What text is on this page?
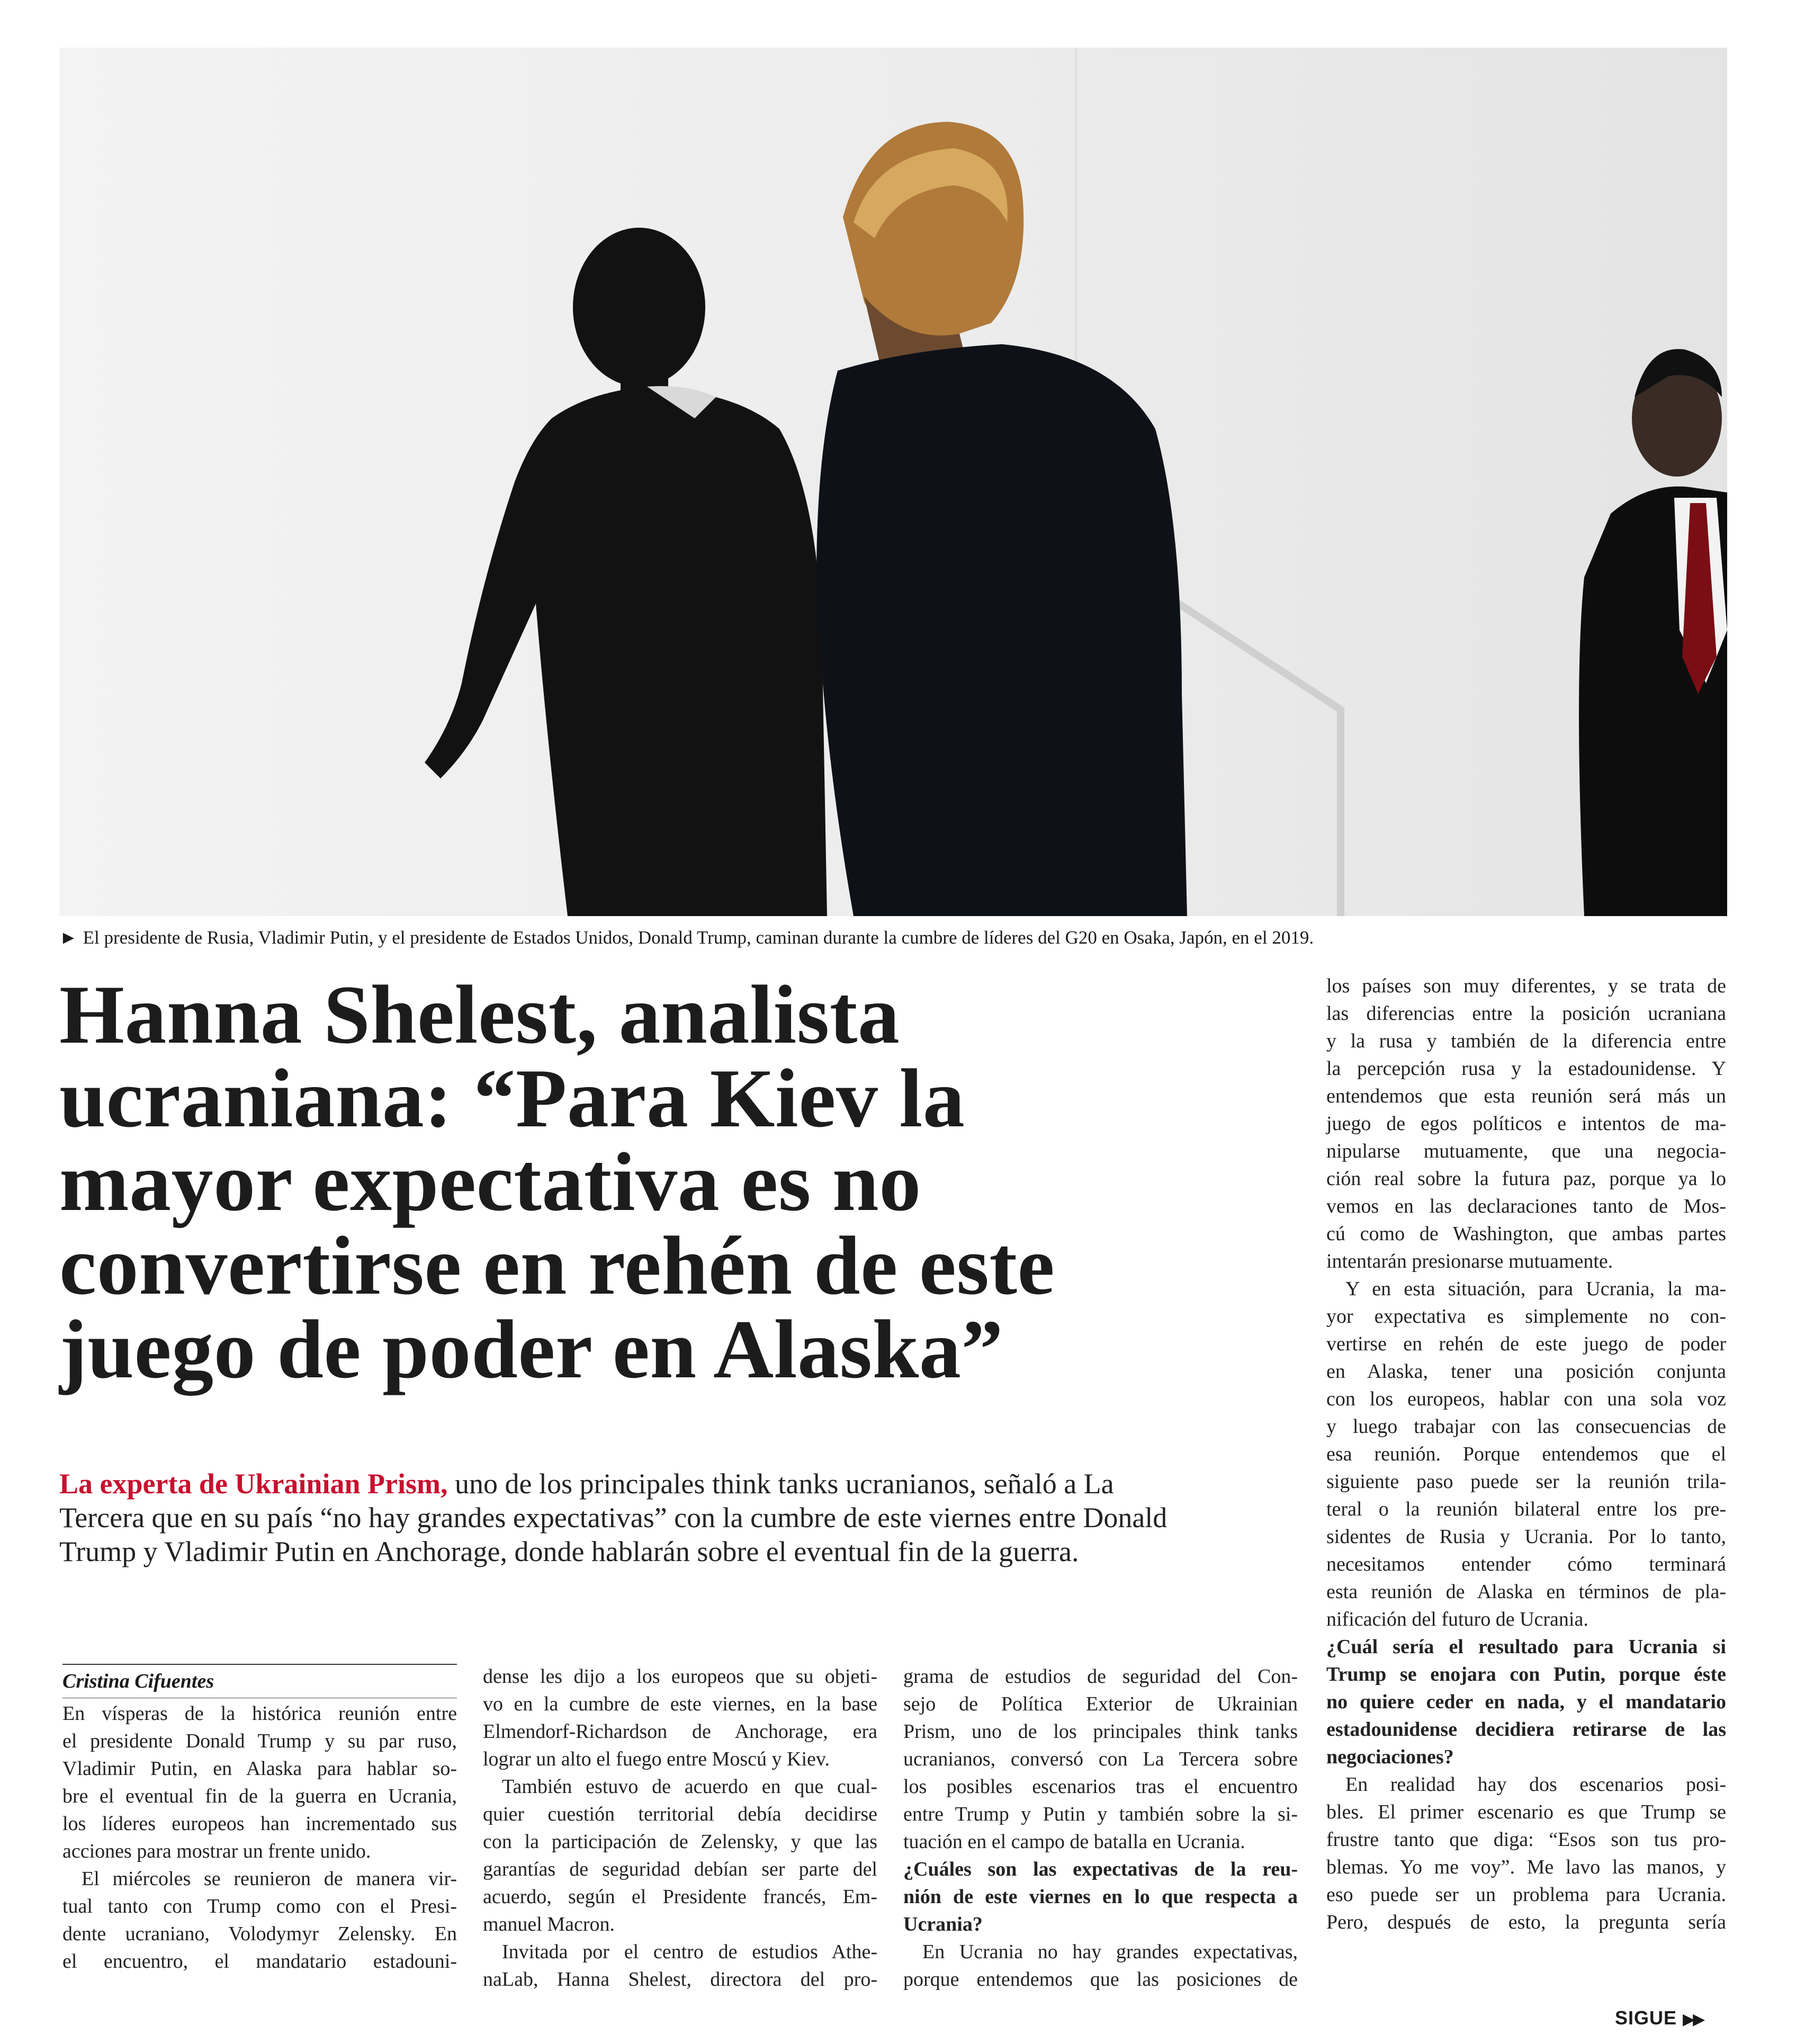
► El presidente de Rusia, Vladimir Putin, y el presidente de Estados Unidos, Donald Trump, caminan durante la cumbre de líderes del G20 en Osaka, Japón, en el 2019.
Hanna Shelest, analista
ucraniana: “Para Kiev la
mayor expectativa es no
convertirse en rehén de este
juego de poder en Alaska”
La experta de Ukrainian Prism, uno de los principales think tanks ucranianos, señaló a La
Tercera que en su país “no hay grandes expectativas” con la cumbre de este viernes entre Donald
Trump y Vladimir Putin en Anchorage, donde hablarán sobre el eventual fin de la guerra.
Cristina Cifuentes
En vísperas de la histórica reunión entre
el presidente Donald Trump y su par ruso,
Vladimir Putin, en Alaska para hablar so-
bre el eventual fin de la guerra en Ucrania,
los líderes europeos han incrementado sus
acciones para mostrar un frente unido.
El miércoles se reunieron de manera vir-
tual tanto con Trump como con el Presi-
dente ucraniano, Volodymyr Zelensky. En
el encuentro, el mandatario estadouni-
dense les dijo a los europeos que su objeti-
vo en la cumbre de este viernes, en la base
Elmendorf-Richardson de Anchorage, era
lograr un alto el fuego entre Moscú y Kiev.
También estuvo de acuerdo en que cual-
quier cuestión territorial debía decidirse
con la participación de Zelensky, y que las
garantías de seguridad debían ser parte del
acuerdo, según el Presidente francés, Em-
manuel Macron.
Invitada por el centro de estudios Athe-
naLab, Hanna Shelest, directora del pro-
grama de estudios de seguridad del Con-
sejo de Política Exterior de Ukrainian
Prism, uno de los principales think tanks
ucranianos, conversó con La Tercera sobre
los posibles escenarios tras el encuentro
entre Trump y Putin y también sobre la si-
tuación en el campo de batalla en Ucrania.
¿Cuáles son las expectativas de la reu-
nión de este viernes en lo que respecta a
Ucrania?
En Ucrania no hay grandes expectativas,
porque entendemos que las posiciones de
los países son muy diferentes, y se trata de
las diferencias entre la posición ucraniana
y la rusa y también de la diferencia entre
la percepción rusa y la estadounidense. Y
entendemos que esta reunión será más un
juego de egos políticos e intentos de ma-
nipularse mutuamente, que una negocia-
ción real sobre la futura paz, porque ya lo
vemos en las declaraciones tanto de Mos-
cú como de Washington, que ambas partes
intentarán presionarse mutuamente.
Y en esta situación, para Ucrania, la ma-
yor expectativa es simplemente no con-
vertirse en rehén de este juego de poder
en Alaska, tener una posición conjunta
con los europeos, hablar con una sola voz
y luego trabajar con las consecuencias de
esa reunión. Porque entendemos que el
siguiente paso puede ser la reunión trila-
teral o la reunión bilateral entre los pre-
sidentes de Rusia y Ucrania. Por lo tanto,
necesitamos entender cómo terminará
esta reunión de Alaska en términos de pla-
nificación del futuro de Ucrania.
¿Cuál sería el resultado para Ucrania si
Trump se enojara con Putin, porque éste
no quiere ceder en nada, y el mandatario
estadounidense decidiera retirarse de las
negociaciones?
En realidad hay dos escenarios posi-
bles. El primer escenario es que Trump se
frustre tanto que diga: “Esos son tus pro-
blemas. Yo me voy”. Me lavo las manos, y
eso puede ser un problema para Ucrania.
Pero, después de esto, la pregunta sería
SIGUE ▶▶
